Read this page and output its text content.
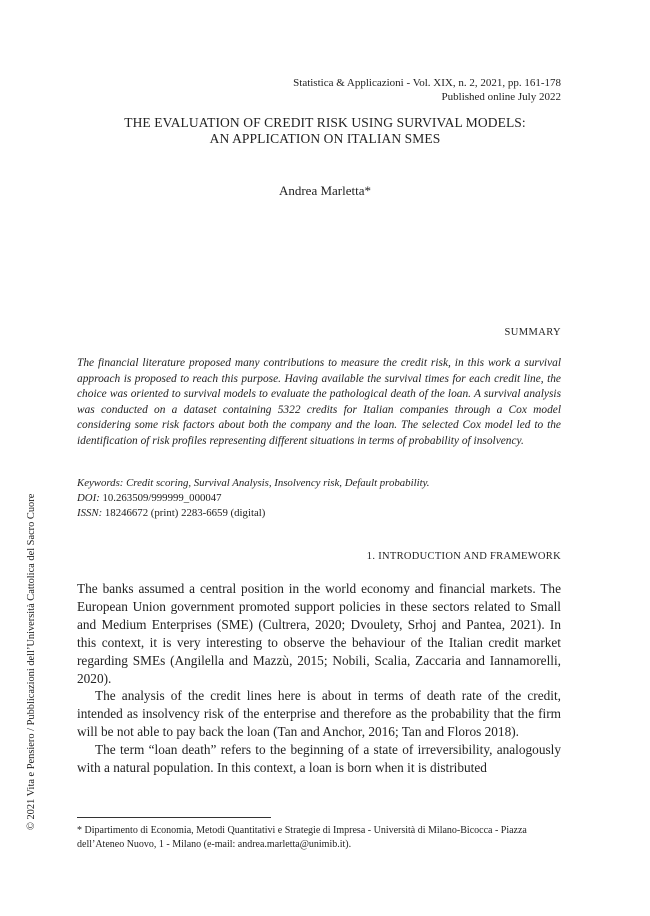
Statistica & Applicazioni - Vol. XIX, n. 2, 2021, pp. 161-178
Published online July 2022
THE EVALUATION OF CREDIT RISK USING SURVIVAL MODELS:
AN APPLICATION ON ITALIAN SMES
Andrea Marletta*
SUMMARY
The financial literature proposed many contributions to measure the credit risk, in this work a survival approach is proposed to reach this purpose. Having available the survival times for each credit line, the choice was oriented to survival models to evaluate the pathological death of the loan. A survival analysis was conducted on a dataset containing 5322 credits for Italian companies through a Cox model considering some risk factors about both the company and the loan. The selected Cox model led to the identification of risk profiles representing different situations in terms of probability of insolvency.
Keywords: Credit scoring, Survival Analysis, Insolvency risk, Default probability.
DOI: 10.263509/999999_000047
ISSN: 18246672 (print) 2283-6659 (digital)
1. INTRODUCTION AND FRAMEWORK

The banks assumed a central position in the world economy and financial markets. The European Union government promoted support policies in these sectors related to Small and Medium Enterprises (SME) (Cultrera, 2020; Dvoulety, Srhoj and Pantea, 2021). In this context, it is very interesting to observe the behaviour of the Italian credit market regarding SMEs (Angilella and Mazzù, 2015; Nobili, Scalia, Zaccaria and Iannamorelli, 2020).

The analysis of the credit lines here is about in terms of death rate of the credit, intended as insolvency risk of the enterprise and therefore as the probability that the firm will be not able to pay back the loan (Tan and Anchor, 2016; Tan and Floros 2018).

The term “loan death” refers to the beginning of a state of irreversibility, analogously with a natural population. In this context, a loan is born when it is distributed

© 2021 Vita e Pensiero / Pubblicazioni dell’Università Cattolica del Sacro Cuore
* Dipartimento di Economia, Metodi Quantitativi e Strategie di Impresa - Università di Milano-Bicocca - Piazza dell’Ateneo Nuovo, 1 - Milano (e-mail: andrea.marletta@unimib.it).
